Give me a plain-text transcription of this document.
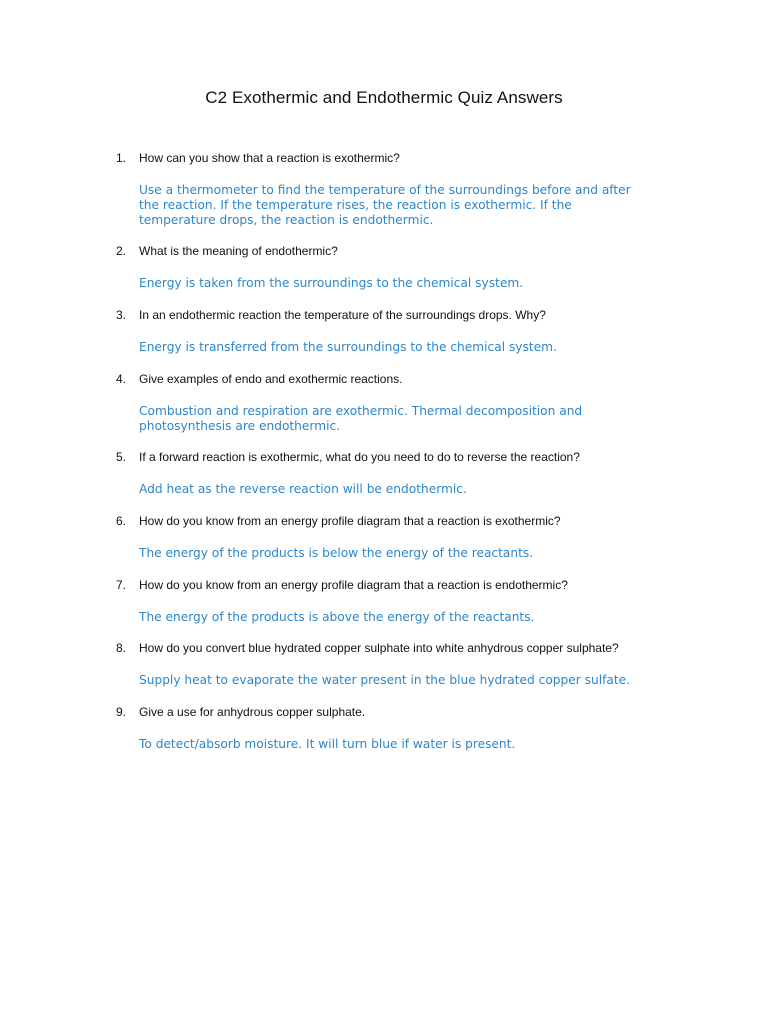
C2 Exothermic and Endothermic Quiz Answers
1.	How can you show that a reaction is exothermic?
Use a thermometer to find the temperature of the surroundings before and after
the reaction. If the temperature rises, the reaction is exothermic. If the
temperature drops, the reaction is endothermic.
2.	What is the meaning of endothermic?
Energy is taken from the surroundings to the chemical system.
3.	In an endothermic reaction the temperature of the surroundings drops. Why?
Energy is transferred from the surroundings to the chemical system.
4.	Give examples of endo and exothermic reactions.
Combustion and respiration are exothermic. Thermal decomposition and
photosynthesis are endothermic.
5.	If a forward reaction is exothermic, what do you need to do to reverse the reaction?
Add heat as the reverse reaction will be endothermic.
6.	How do you know from an energy profile diagram that a reaction is exothermic?
The energy of the products is below the energy of the reactants.
7.	How do you know from an energy profile diagram that a reaction is endothermic?
The energy of the products is above the energy of the reactants.
8.	How do you convert blue hydrated copper sulphate into white anhydrous copper sulphate?
Supply heat to evaporate the water present in the blue hydrated copper sulfate.
9.	Give a use for anhydrous copper sulphate.
To detect/absorb moisture. It will turn blue if water is present.
